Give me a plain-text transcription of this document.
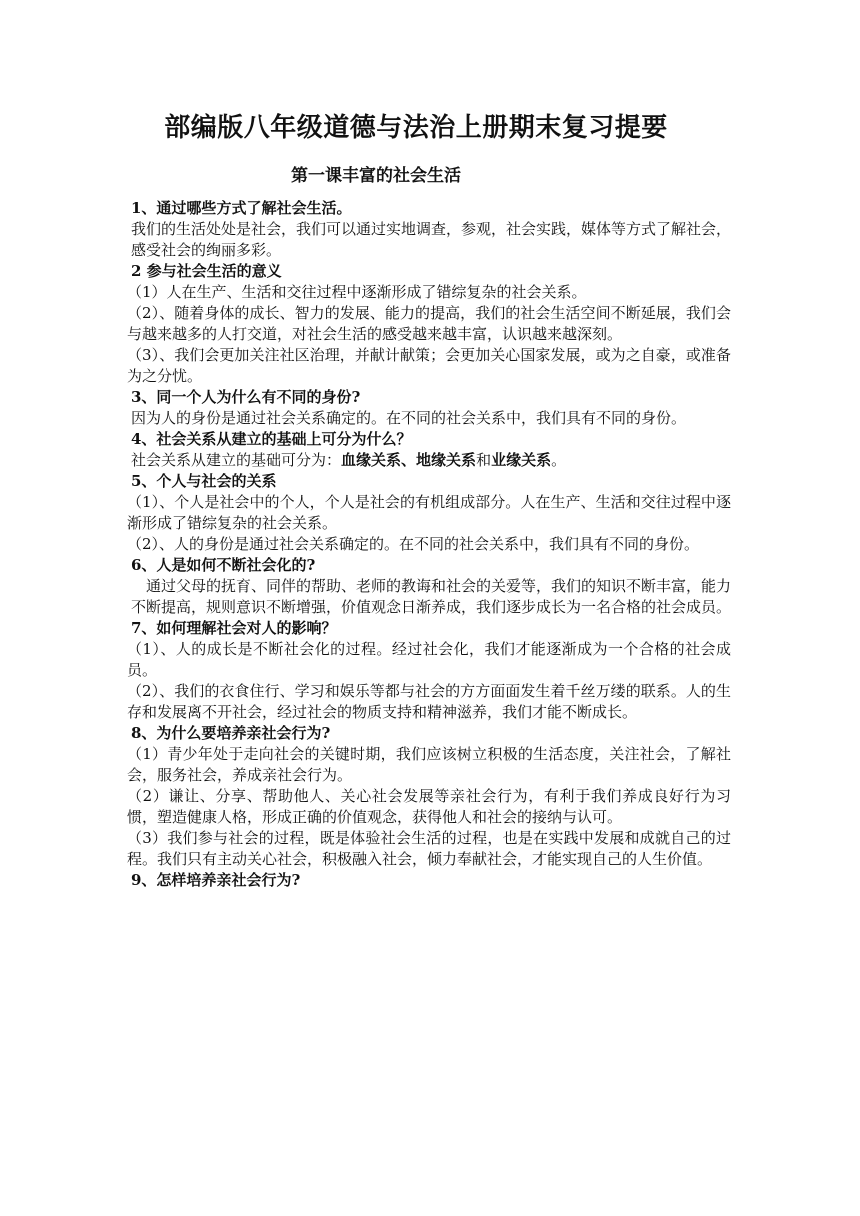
部编版八年级道德与法治上册期末复习提要
第一课丰富的社会生活

1、通过哪些方式了解社会生活。

我们的生活处处是社会，我们可以通过实地调查，参观，社会实践，媒体等方式了解社会，感受社会的绚丽多彩。

2 参与社会生活的意义

（1）人在生产、生活和交往过程中逐渐形成了错综复杂的社会关系。

（2）、随着身体的成长、智力的发展、能力的提高，我们的社会生活空间不断延展，我们会与越来越多的人打交道，对社会生活的感受越来越丰富，认识越来越深刻。

（3）、我们会更加关注社区治理，并献计献策；会更加关心国家发展，或为之自豪，或准备为之分忧。

3、同一个人为什么有不同的身份?

因为人的身份是通过社会关系确定的。在不同的社会关系中，我们具有不同的身份。

4、社会关系从建立的基础上可分为什么？

社会关系从建立的基础可分为：血缘关系、地缘关系和业缘关系。

5、个人与社会的关系

（1）、个人是社会中的个人，个人是社会的有机组成部分。人在生产、生活和交往过程中逐渐形成了错综复杂的社会关系。

（2）、人的身份是通过社会关系确定的。在不同的社会关系中，我们具有不同的身份。

6、人是如何不断社会化的?

通过父母的抚育、同伴的帮助、老师的教诲和社会的关爱等，我们的知识不断丰富，能力不断提高，规则意识不断增强，价值观念日渐养成，我们逐步成长为一名合格的社会成员。

7、如何理解社会对人的影响？

（1）、人的成长是不断社会化的过程。经过社会化，我们才能逐渐成为一个合格的社会成员。

（2）、我们的衣食住行、学习和娱乐等都与社会的方方面面发生着千丝万缕的联系。人的生存和发展离不开社会，经过社会的物质支持和精神滋养，我们才能不断成长。

8、为什么要培养亲社会行为?

（1）青少年处于走向社会的关键时期，我们应该树立积极的生活态度，关注社会，了解社会，服务社会，养成亲社会行为。

（2）谦让、分享、帮助他人、关心社会发展等亲社会行为，有利于我们养成良好行为习惯，塑造健康人格，形成正确的价值观念，获得他人和社会的接纳与认可。

（3）我们参与社会的过程，既是体验社会生活的过程，也是在实践中发展和成就自己的过程。我们只有主动关心社会，积极融入社会，倾力奉献社会，才能实现自己的人生价值。

9、怎样培养亲社会行为?
